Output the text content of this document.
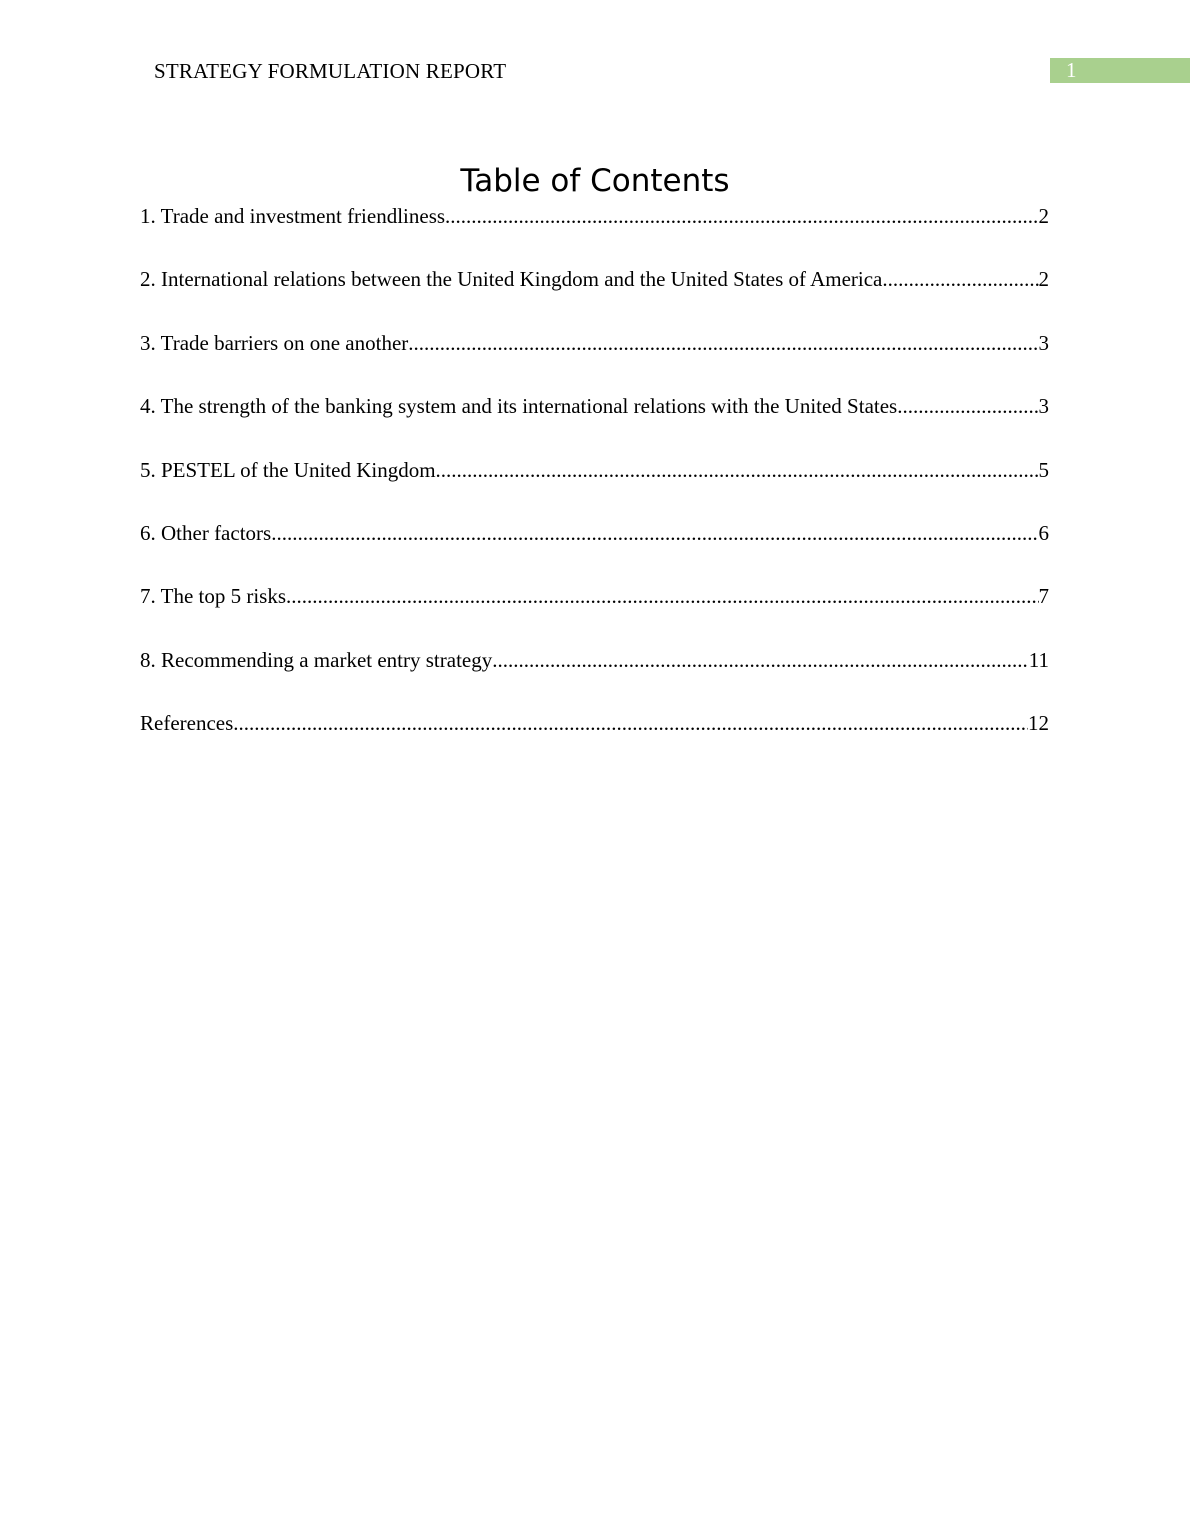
STRATEGY FORMULATION REPORT	1
Table of Contents
1. Trade and investment friendliness .....	2
2. International relations between the United Kingdom and the United States of America .....	2
3. Trade barriers on one another .....	3
4. The strength of the banking system and its international relations with the United States .....	3
5. PESTEL of the United Kingdom .....	5
6. Other factors .....	6
7. The top 5 risks .....	7
8. Recommending a market entry strategy .....	11
References .....	12
